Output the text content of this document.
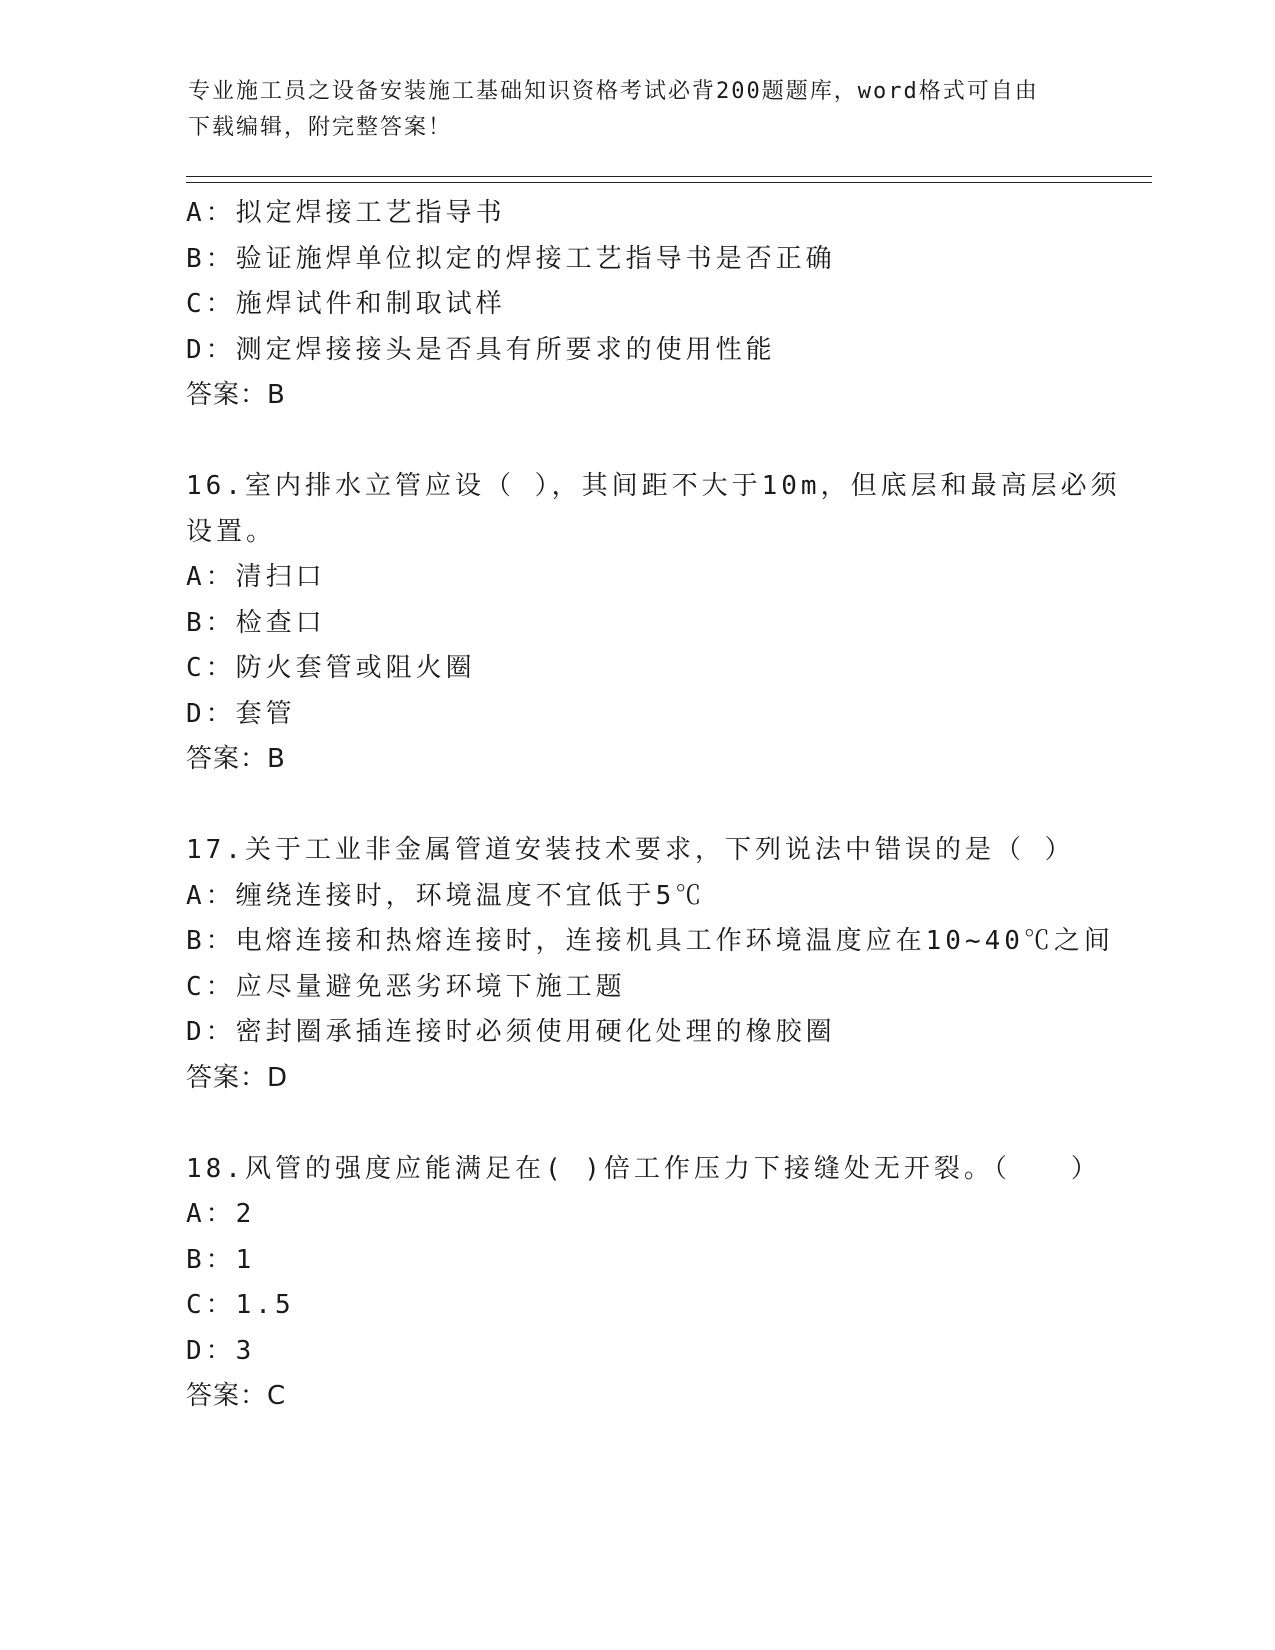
专业施工员之设备安装施工基础知识资格考试必背200题题库，word格式可自由
下载编辑，附完整答案！
A：拟定焊接工艺指导书
B：验证施焊单位拟定的焊接工艺指导书是否正确
C：施焊试件和制取试样
D：测定焊接接头是否具有所要求的使用性能
答案：B
16.室内排水立管应设（ ），其间距不大于10m，但底层和最高层必须
设置。
A：清扫口
B：检查口
C：防火套管或阻火圈
D：套管
答案：B
17.关于工业非金属管道安装技术要求，下列说法中错误的是（ ）
A：缠绕连接时，环境温度不宜低于5℃
B：电熔连接和热熔连接时，连接机具工作环境温度应在10~40℃之间
C：应尽量避免恶劣环境下施工题
D：密封圈承插连接时必须使用硬化处理的橡胶圈
答案：D
18.风管的强度应能满足在( )倍工作压力下接缝处无开裂。（　　）
A：2
B：1
C：1.5
D：3
答案：C
